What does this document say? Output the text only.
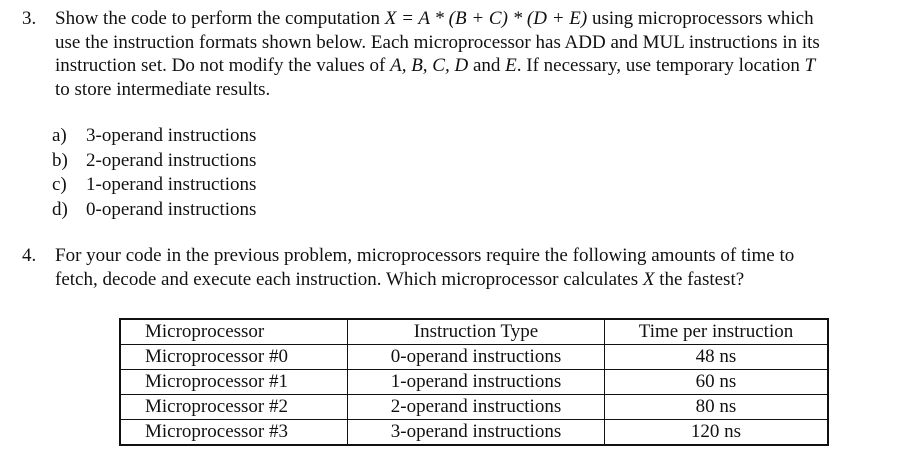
3. Show the code to perform the computation X = A * (B + C) * (D + E) using microprocessors which
use the instruction formats shown below. Each microprocessor has ADD and MUL instructions in its
instruction set. Do not modify the values of A, B, C, D and E. If necessary, use temporary location T
to store intermediate results.
a) 3-operand instructions
b) 2-operand instructions
c) 1-operand instructions
d) 0-operand instructions
4. For your code in the previous problem, microprocessors require the following amounts of time to
fetch, decode and execute each instruction. Which microprocessor calculates X the fastest?
Microprocessor	Instruction Type	Time per instruction
Microprocessor #0	0-operand instructions	48 ns
Microprocessor #1	1-operand instructions	60 ns
Microprocessor #2	2-operand instructions	80 ns
Microprocessor #3	3-operand instructions	120 ns
